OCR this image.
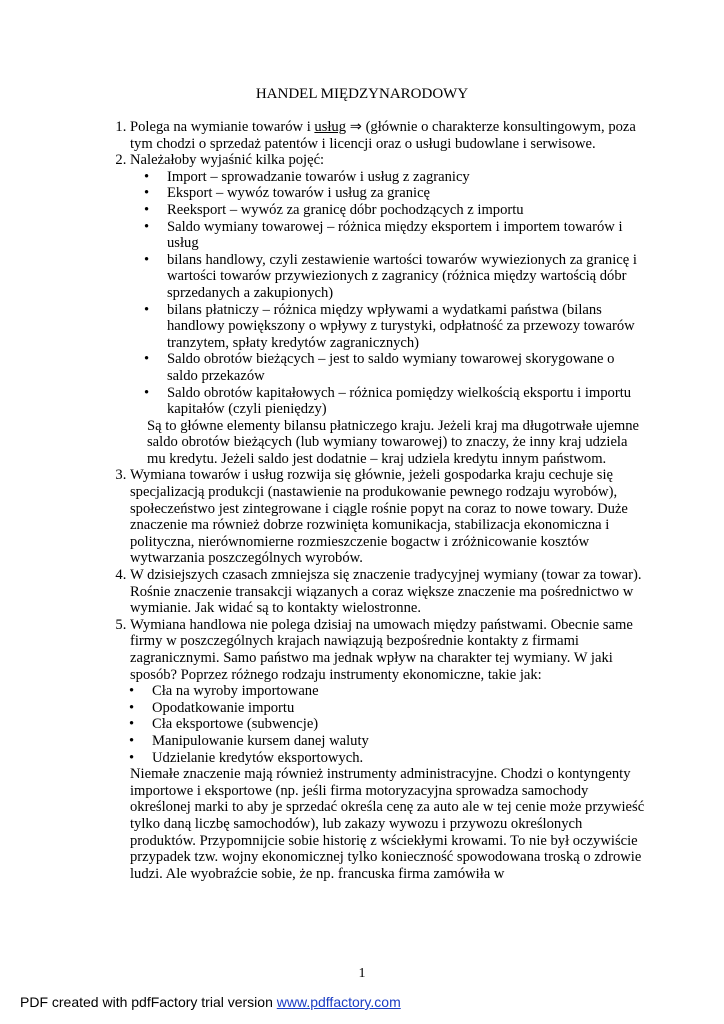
HANDEL MIĘDZYNARODOWY
1. Polega na wymianie towarów i usług ⇒ (głównie o charakterze konsultingowym, poza tym chodzi o sprzedaż patentów i licencji oraz o usługi budowlane i serwisowe.
2. Należałoby wyjaśnić kilka pojęć:
• Import – sprowadzanie towarów i usług z zagranicy
• Eksport – wywóz towarów i usług za granicę
• Reeksport – wywóz za granicę dóbr pochodzących z importu
• Saldo wymiany towarowej – różnica między eksportem i importem towarów i usług
• bilans handlowy, czyli zestawienie wartości towarów wywiezionych za granicę i wartości towarów przywiezionych z zagranicy (różnica między wartością dóbr sprzedanych a zakupionych)
• bilans płatniczy – różnica między wpływami a wydatkami państwa (bilans handlowy powiększony o wpływy z turystyki, odpłatność za przewozy towarów tranzytem, spłaty kredytów zagranicznych)
• Saldo obrotów bieżących – jest to saldo wymiany towarowej skorygowane o saldo przekazów
• Saldo obrotów kapitałowych – różnica pomiędzy wielkością eksportu i importu kapitałów (czyli pieniędzy)

Są to główne elementy bilansu płatniczego kraju. Jeżeli kraj ma długotrwałe ujemne saldo obrotów bieżących (lub wymiany towarowej) to znaczy, że inny kraj udziela mu kredytu. Jeżeli saldo jest dodatnie – kraj udziela kredytu innym państwom.

3. Wymiana towarów i usług rozwija się głównie, jeżeli gospodarka kraju cechuje się specjalizacją produkcji (nastawienie na produkowanie pewnego rodzaju wyrobów), społeczeństwo jest zintegrowane i ciągle rośnie popyt na coraz to nowe towary. Duże znaczenie ma również dobrze rozwinięta komunikacja, stabilizacja ekonomiczna i polityczna, nierównomierne rozmieszczenie bogactw i zróżnicowanie kosztów wytwarzania poszczególnych wyrobów.
4. W dzisiejszych czasach zmniejsza się znaczenie tradycyjnej wymiany (towar za towar). Rośnie znaczenie transakcji wiązanych a coraz większe znaczenie ma pośrednictwo w wymianie. Jak widać są to kontakty wielostronne.
5. Wymiana handlowa nie polega dzisiaj na umowach między państwami. Obecnie same firmy w poszczególnych krajach nawiązują bezpośrednie kontakty z firmami zagranicznymi. Samo państwo ma jednak wpływ na charakter tej wymiany. W jaki sposób? Poprzez różnego rodzaju instrumenty ekonomiczne, takie jak:
• Cła na wyroby importowane
• Opodatkowanie importu
• Cła eksportowe (subwencje)
• Manipulowanie kursem danej waluty
• Udzielanie kredytów eksportowych.

Niemałe znaczenie mają również instrumenty administracyjne. Chodzi o kontyngenty importowe i eksportowe (np. jeśli firma motoryzacyjna sprowadza samochody określonej marki to aby je sprzedać określa cenę za auto ale w tej cenie może przywieść tylko daną liczbę samochodów), lub zakazy wywozu i przywozu określonych produktów. Przypomnijcie sobie historię z wściekłymi krowami. To nie był oczywiście przypadek tzw. wojny ekonomicznej tylko konieczność spowodowana troską o zdrowie ludzi. Ale wyobraźcie sobie, że np. francuska firma zamówiła w

1
PDF created with pdfFactory trial version www.pdffactory.com
